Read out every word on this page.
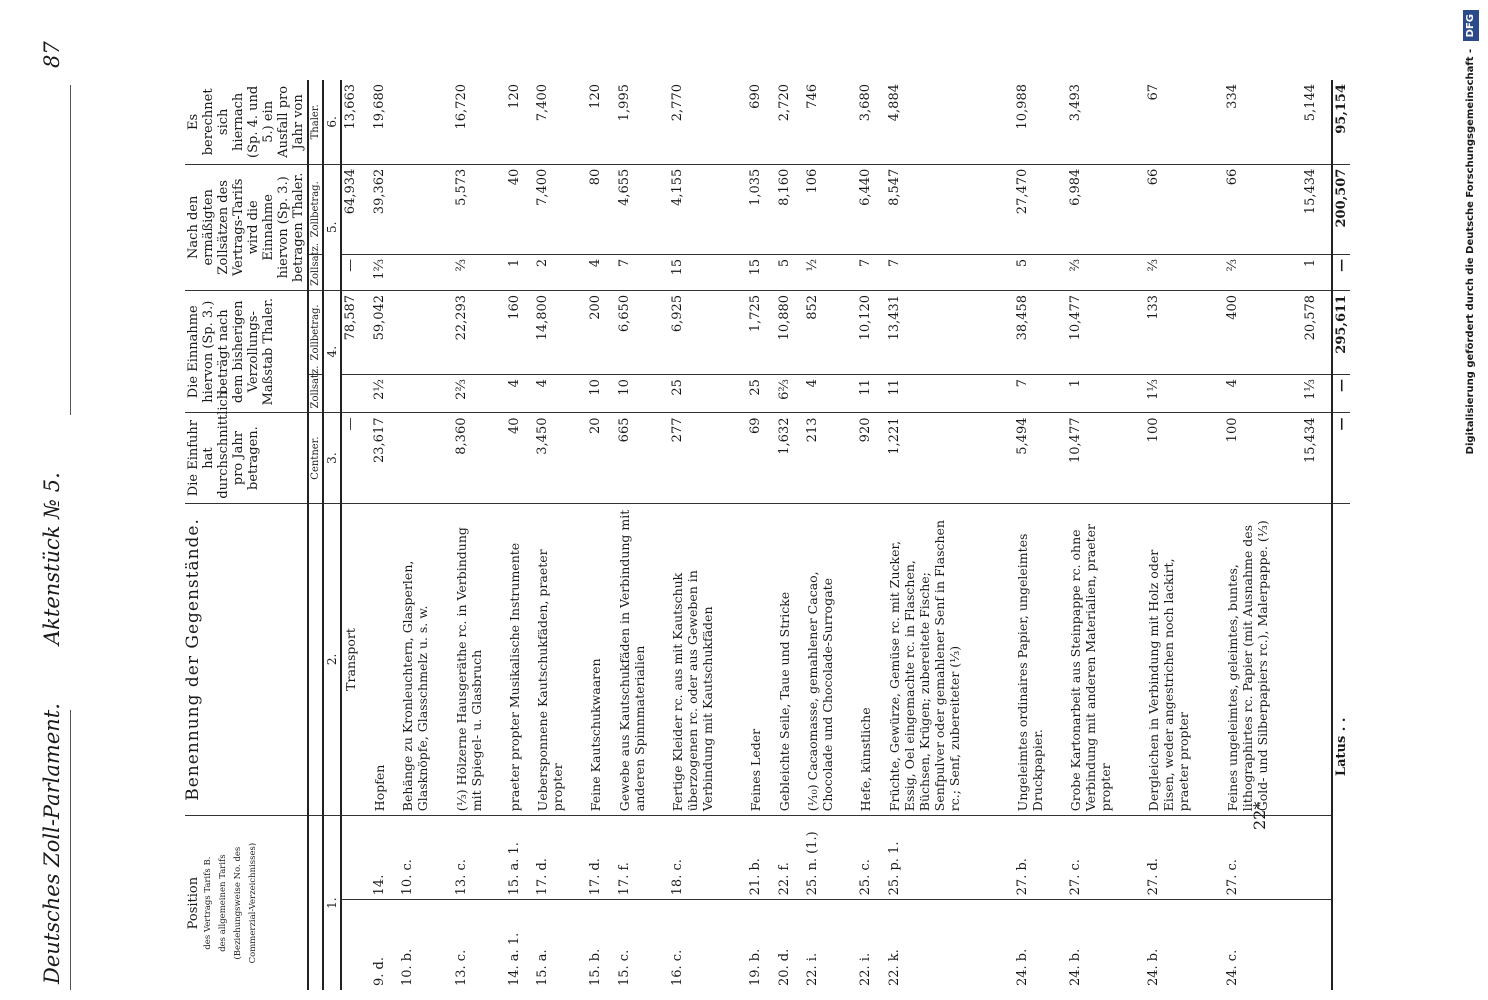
Deutsches Zoll-Parlament.
Aktenstück № 5.
87
Position des Vertrags Tarifs B. des allgemeinen Tarifs (Beziehungsweise No. des Commerzial-Verzeichnisses)		Benennung der Gegenstände.	Die Einfuhr hat durchschnittlich pro Jahr betragen.	Die Einnahme hiervon (Sp. 3.) beträgt nach dem bisherigen Verzollungs-Maßstab Thaler.		Nach den ermäßigten Zollsätzen des Vertrags-Tarifs wird die Einnahme hiervon (Sp. 3.) betragen Thaler.		Es berechnet sich hiernach (Sp. 4. und 5.) ein Ausfall pro Jahr von
			Centner.	Zollsatz.	Zollbetrag.	Zollsatz.	Zollbetrag.	Thaler.
1.		2.	3.	4.		5.		6.
		Transport	—		78,587	—	64,934	13,663
9. d.	14.	Hopfen	23,617	2½	59,042	1⅔	39,362	19,680
10. b.	10. c.	Behänge zu Kronleuchtern, Glasperlen, Glasknöpfe, Glasschmelz u. s. w.						
13. c.	13. c.	(⅓) Hölzerne Hausgeräthe rc. in Verbindung mit Spiegel- u. Glasbruch	8,360	2⅔	22,293	⅔	5,573	16,720
14. a. 1.	15. a. 1.	praeter propter Musikalische Instrumente	40	4	160	1	40	120
15. a.	17. d.	Uebersponnene Kautschukfäden, praeter propter	3,450	4	14,800	2	7,400	7,400
15. b.	17. d.	Feine Kautschukwaaren	20	10	200	4	80	120
15. c.	17. f.	Gewebe aus Kautschukfäden in Verbindung mit anderen Spinnmaterialien	665	10	6,650	7	4,655	1,995
16. c.	18. c.	Fertige Kleider rc. aus mit Kautschuk überzogenen rc. oder aus Geweben in Verbindung mit Kautschukfäden	277	25	6,925	15	4,155	2,770
19. b.	21. b.	Feines Leder	69	25	1,725	15	1,035	690
20. d.	22. f.	Gebleichte Seile, Taue und Stricke	1,632	6⅔	10,880	5	8,160	2,720
22. i.	25. n. (1.)	(⅒) Cacaomasse, gemahlener Cacao, Chocolade und Chocolade-Surrogate	213	4	852	½	106	746
22. i.	25. c.	Hefe, künstliche	920	11	10,120	7	6,440	3,680
22. k.	25. p. 1.	Früchte, Gewürze, Gemüse rc. mit Zucker, Essig, Oel eingemachte rc. in Flaschen, Büchsen, Krügen; zubereitete Fische; Senfpulver oder gemahlener Senf in Flaschen rc.; Senf, zubereiteter (⅓)	1,221	11	13,431	7	8,547	4,884
24. b.	27. b.	Ungeleimtes ordinaires Papier, ungeleimtes Druckpapier.	5,494	7	38,458	5	27,470	10,988
24. b.	27. c.	Grobe Kartonarbeit aus Steinpappe rc. ohne Verbindung mit anderen Materialien, praeter propter	10,477	1	10,477	⅔	6,984	3,493
24. b.	27. d.	Dergleichen in Verbindung mit Holz oder Eisen, weder angestrichen noch lackirt, praeter propter	100	1⅓	133	⅔	66	67
24. c.	27. c.	Feines ungeleimtes, geleimtes, buntes, lithographirtes rc. Papier (mit Ausnahme des Gold- und Silberpapiers rc.), Malerpappe. (⅓)	100	4	400	⅔	66	334
			15,434	1⅓	20,578	1	15,434	5,144
Latus . .			—	—	295,611	—	200,507	95,154
22*
Digitalisierung gefördert durch die Deutsche Forschungsgemeinschaft - DFG
